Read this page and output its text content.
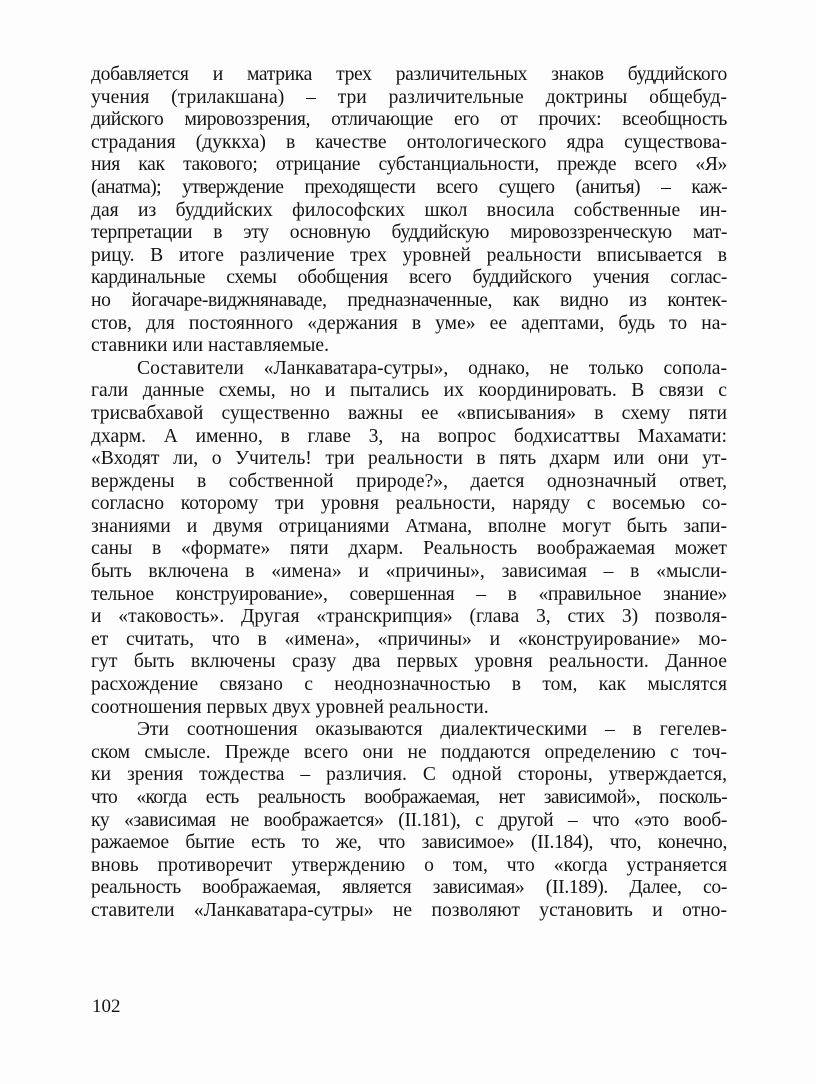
добавляется и матрика трех различительных знаков буддийского
учения (трилакшана) – три различительные доктрины общебуд-
дийского мировоззрения, отличающие его от прочих: всеобщность
страдания (дуккха) в качестве онтологического ядра существова-
ния как такового; отрицание субстанциальности, прежде всего «Я»
(анатма); утверждение преходящести всего сущего (анитья) – каж-
дая из буддийских философских школ вносила собственные ин-
терпретации в эту основную буддийскую мировоззренческую мат-
рицу. В итоге различение трех уровней реальности вписывается в
кардинальные схемы обобщения всего буддийского учения соглас-
но йогачаре-виджнянаваде, предназначенные, как видно из контек-
стов, для постоянного «держания в уме» ее адептами, будь то на-
ставники или наставляемые.
Составители «Ланкаватара-сутры», однако, не только сопола-
гали данные схемы, но и пытались их координировать. В связи с
трисвабхавой существенно важны ее «вписывания» в схему пяти
дхарм. А именно, в главе 3, на вопрос бодхисаттвы Махамати:
«Входят ли, о Учитель! три реальности в пять дхарм или они ут-
верждены в собственной природе?», дается однозначный ответ,
согласно которому три уровня реальности, наряду с восемью со-
знаниями и двумя отрицаниями Атмана, вполне могут быть запи-
саны в «формате» пяти дхарм. Реальность воображаемая может
быть включена в «имена» и «причины», зависимая – в «мысли-
тельное конструирование», совершенная – в «правильное знание»
и «таковость». Другая «транскрипция» (глава 3, стих 3) позволя-
ет считать, что в «имена», «причины» и «конструирование» мо-
гут быть включены сразу два первых уровня реальности. Данное
расхождение связано с неоднозначностью в том, как мыслятся
соотношения первых двух уровней реальности.
Эти соотношения оказываются диалектическими – в гегелев-
ском смысле. Прежде всего они не поддаются определению с точ-
ки зрения тождества – различия. С одной стороны, утверждается,
что «когда есть реальность воображаемая, нет зависимой», посколь-
ку «зависимая не воображается» (II.181), с другой – что «это вооб-
ражаемое бытие есть то же, что зависимое» (II.184), что, конечно,
вновь противоречит утверждению о том, что «когда устраняется
реальность воображаемая, является зависимая» (II.189). Далее, со-
ставители «Ланкаватара-сутры» не позволяют установить и отно-
102
